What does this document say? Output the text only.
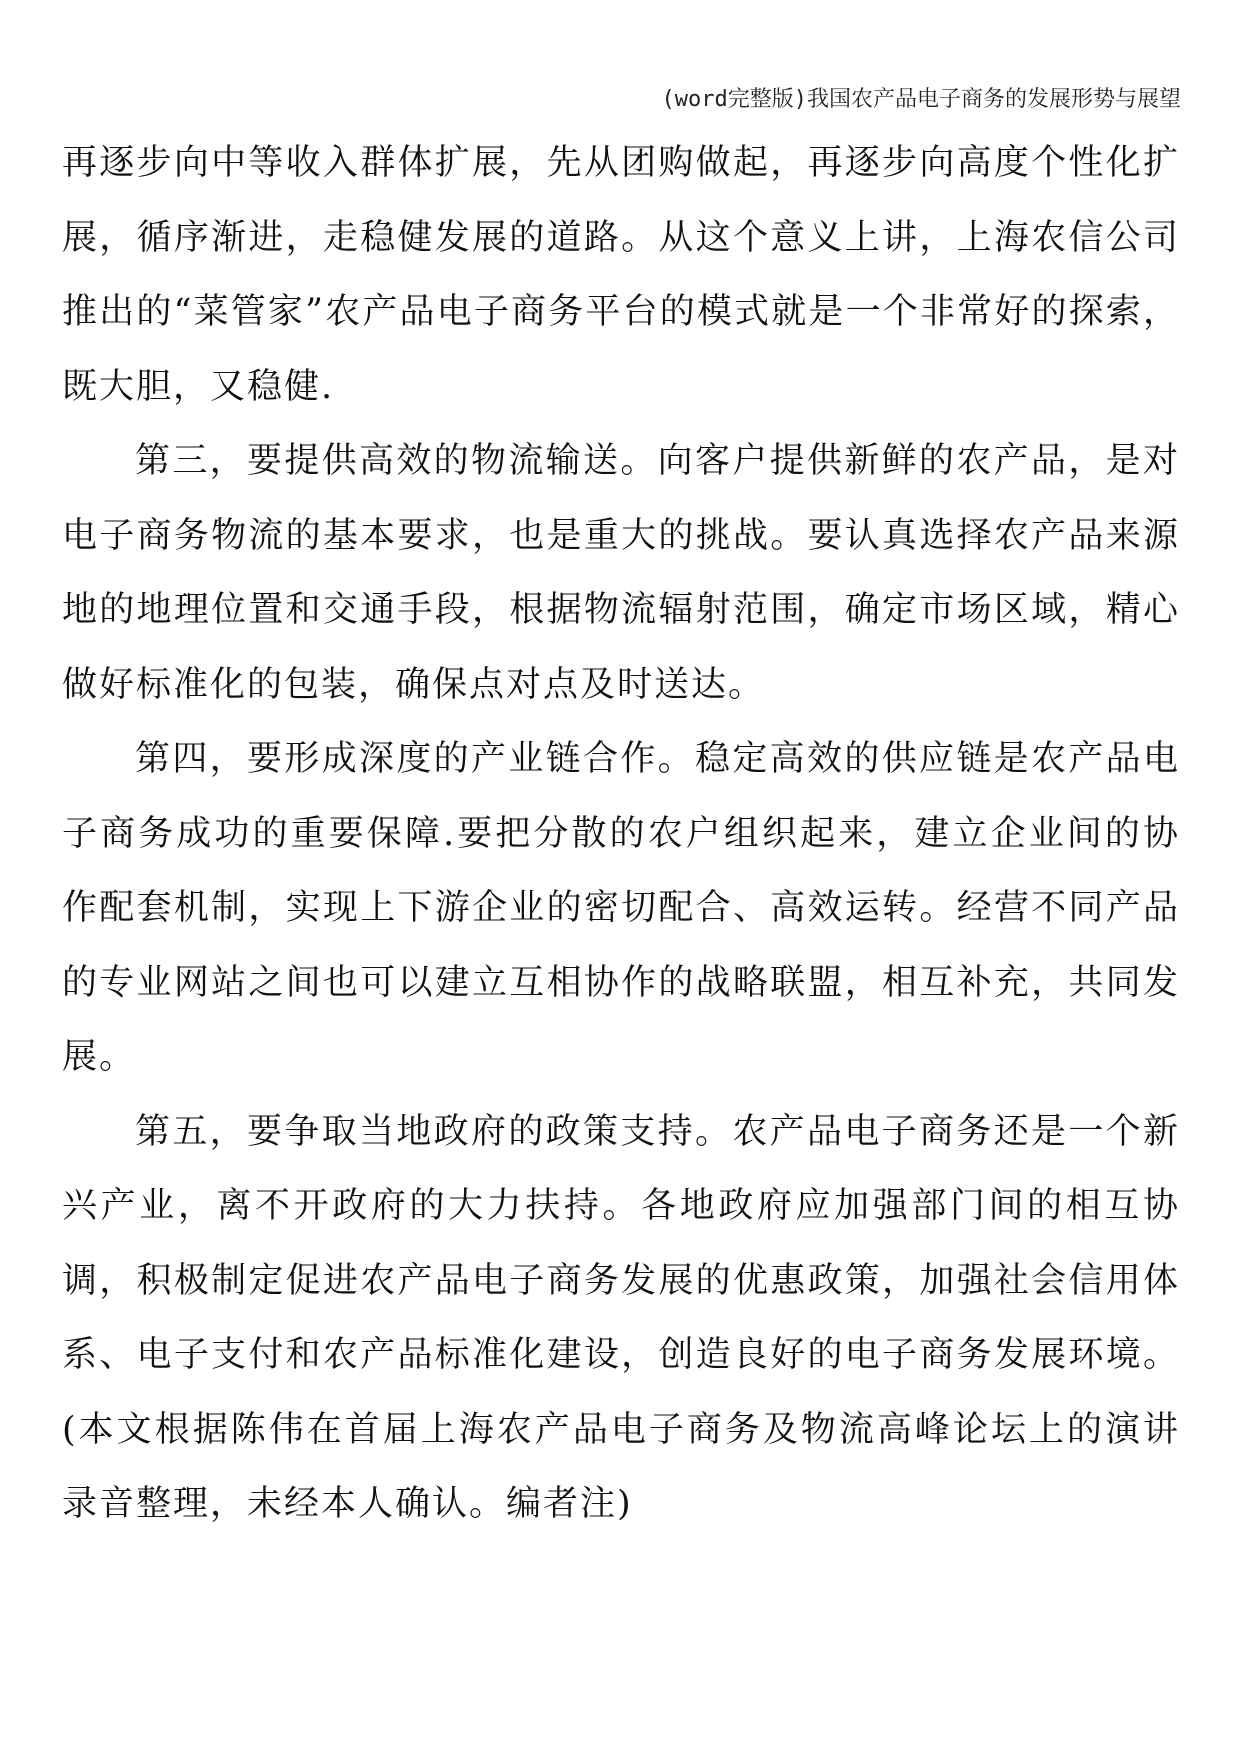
(word完整版)我国农产品电子商务的发展形势与展望

再逐步向中等收入群体扩展，先从团购做起，再逐步向高度个性化扩展，循序渐进，走稳健发展的道路。从这个意义上讲，上海农信公司推出的“菜管家”农产品电子商务平台的模式就是一个非常好的探索，既大胆，又稳健.

第三，要提供高效的物流输送。向客户提供新鲜的农产品，是对电子商务物流的基本要求，也是重大的挑战。要认真选择农产品来源地的地理位置和交通手段，根据物流辐射范围，确定市场区域，精心做好标准化的包装，确保点对点及时送达。

第四，要形成深度的产业链合作。稳定高效的供应链是农产品电子商务成功的重要保障.要把分散的农户组织起来，建立企业间的协作配套机制，实现上下游企业的密切配合、高效运转。经营不同产品的专业网站之间也可以建立互相协作的战略联盟，相互补充，共同发展。

第五，要争取当地政府的政策支持。农产品电子商务还是一个新兴产业，离不开政府的大力扶持。各地政府应加强部门间的相互协调，积极制定促进农产品电子商务发展的优惠政策，加强社会信用体系、电子支付和农产品标准化建设，创造良好的电子商务发展环境。(本文根据陈伟在首届上海农产品电子商务及物流高峰论坛上的演讲录音整理，未经本人确认。编者注)
